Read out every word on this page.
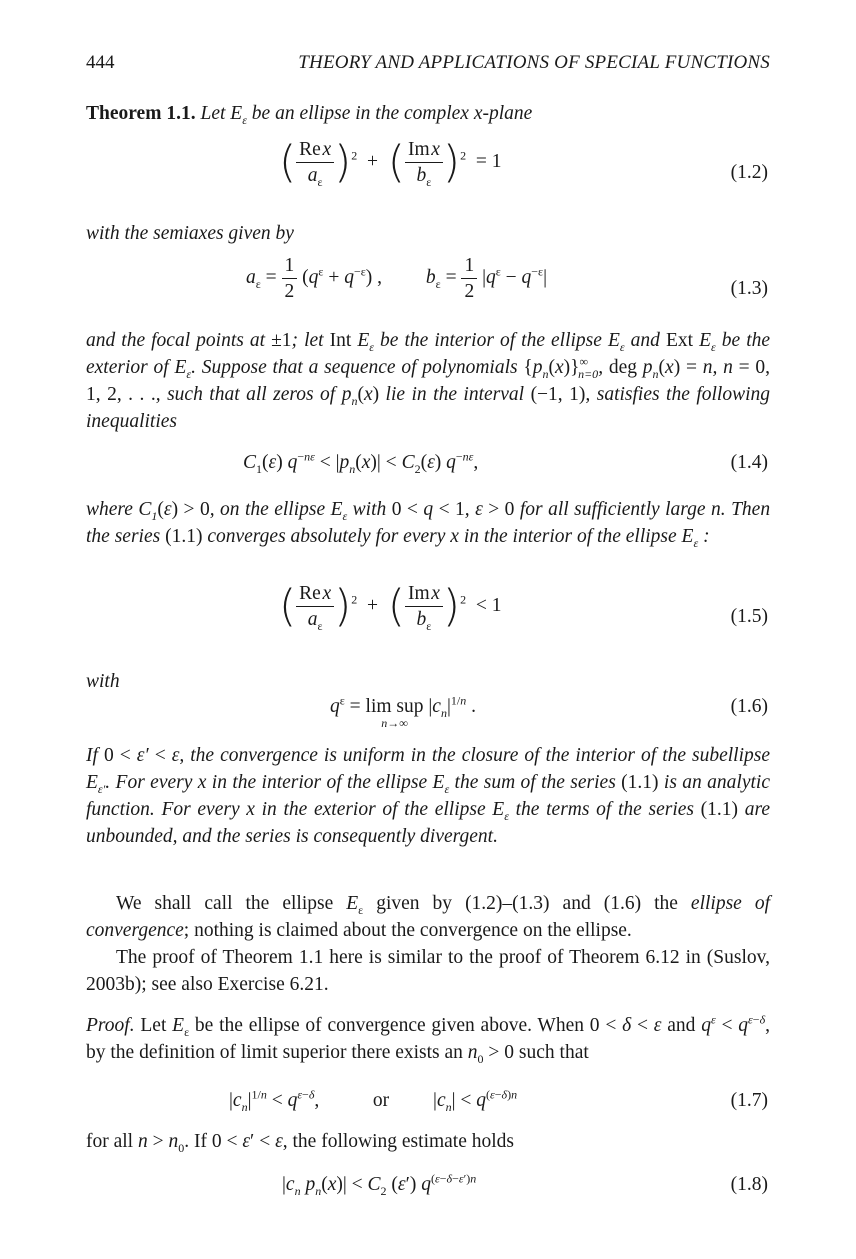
444	THEORY AND APPLICATIONS OF SPECIAL FUNCTIONS
Theorem 1.1. Let $E_\varepsilon$ be an ellipse in the complex x-plane
( $\frac{\text{Re x}}{a_\varepsilon} )^2$  +  ( $\frac{\text{Im x}}{b_\varepsilon} )^2 = 1$
(1.2)
with the semiaxes given by
$a_\varepsilon = \frac{1}{2} (q^\varepsilon + q^{-\varepsilon})$ ,         $b_\varepsilon = \frac{1}{2} |q^\varepsilon - q^{-\varepsilon}|$
(1.3)
and the focal points at ±1; let Int $E_\varepsilon$ be the interior of the ellipse $E_\varepsilon$ and Ext $E_\varepsilon$ be the exterior of $E_\varepsilon$. Suppose that a sequence of polynomials $\{p_n(x)\}^\infty_{n=0}$, deg $p_n(x) = n$, n = 0, 1, 2, . . ., such that all zeros of $p_n(x)$ lie in the interval (−1, 1), satisfies the following inequalities
$C_1(\varepsilon) q^{-n\varepsilon} < |p_n(x)| < C_2(\varepsilon)$ $q^{-n\varepsilon}$,	(1.4)
where $C_1(\varepsilon) > 0$, on the ellipse $E_\varepsilon$ with 0 < q < 1, ε > 0 for all sufficiently large n. Then the series (1.1) converges absolutely for every x in the interior of the ellipse $E_\varepsilon$ :
( $\frac{\text{Re x}}{a_\varepsilon} )^2$  +  ( $\frac{\text{Im x}}{b_\varepsilon} )^2 < 1$
(1.5)
with
$q^\varepsilon = \lim$ sup
n→∞
$|c_n|^{1/n}$ .	(1.6)
If 0 < ε′ < ε, the convergence is uniform in the closure of the interior of the subellipse $E_{\varepsilon'}$. For every x in the interior of the ellipse $E_\varepsilon$ the sum of the series (1.1) is an analytic function. For every x in the exterior of the ellipse $E_\varepsilon$ the terms of the series (1.1) are unbounded, and the series is consequently divergent.
We shall call the ellipse $E_\varepsilon$ given by (1.2)–(1.3) and (1.6) the ellipse of convergence; nothing is claimed about the convergence on the ellipse.
The proof of Theorem 1.1 here is similar to the proof of Theorem 6.12 in (Suslov, 2003b); see also Exercise 6.21.
Proof. Let $E_\varepsilon$ be the ellipse of convergence given above. When 0 < δ < ε and $q^\varepsilon < q^{\varepsilon-\delta}$, by the definition of limit superior there exists an $n_0 > 0$ such that
$|c_n|^{1/n} < q^{\varepsilon-\delta}$,           or         $|c_n| < q^{(\varepsilon-\delta)n}$	(1.7)
for all $n > n_0$. If 0 < ε′ < ε, the following estimate holds
$|c_n$ $p_n(x)| < C_2$ (ε′) $q^{(\varepsilon-\delta-\varepsilon')n}$	(1.8)
